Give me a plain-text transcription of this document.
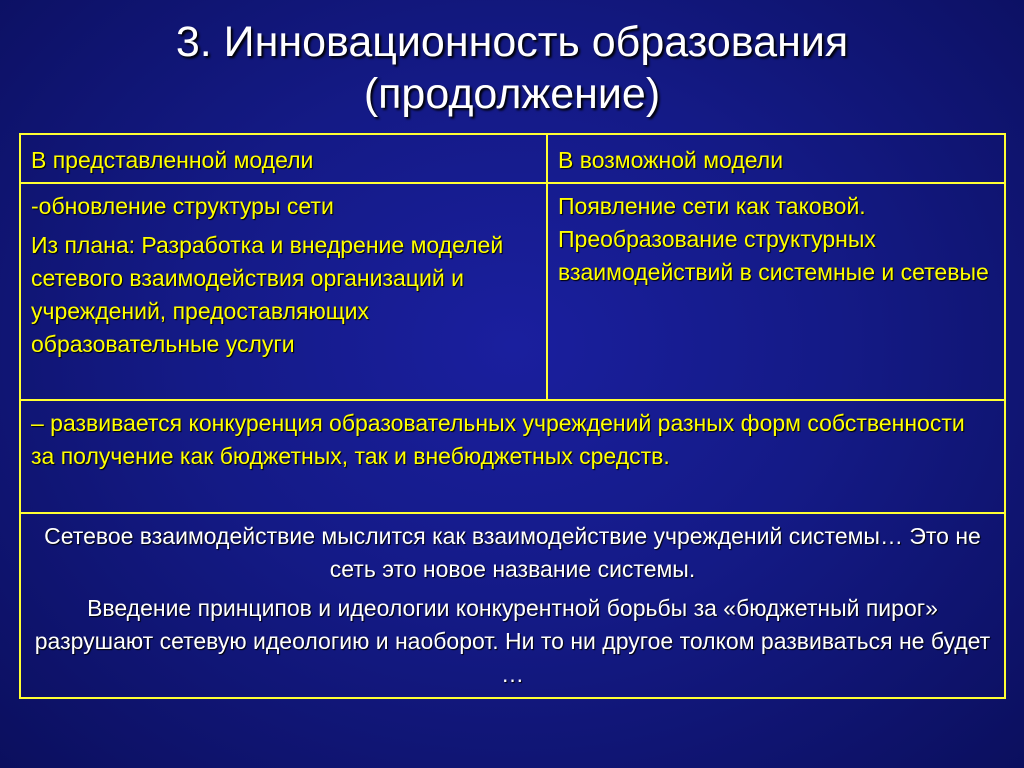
3. Инновационность образования
(продолжение)
В представленной модели	В возможной модели

-обновление структуры сети
Из плана: Разработка и внедрение моделей сетевого взаимодействия организаций и учреждений, предоставляющих образовательные услуги	Появление сети как таковой. Преобразование структурных взаимодействий в системные и сетевые

– развивается конкуренция образовательных учреждений разных форм собственности за получение как бюджетных, так и внебюджетных средств.	

Сетевое взаимодействие мыслится как взаимодействие учреждений системы… Это не сеть это новое название системы.
Введение принципов и идеологии конкурентной борьбы за «бюджетный пирог» разрушают сетевую идеологию и наоборот. Ни то ни другое толком развиваться не будет …	
